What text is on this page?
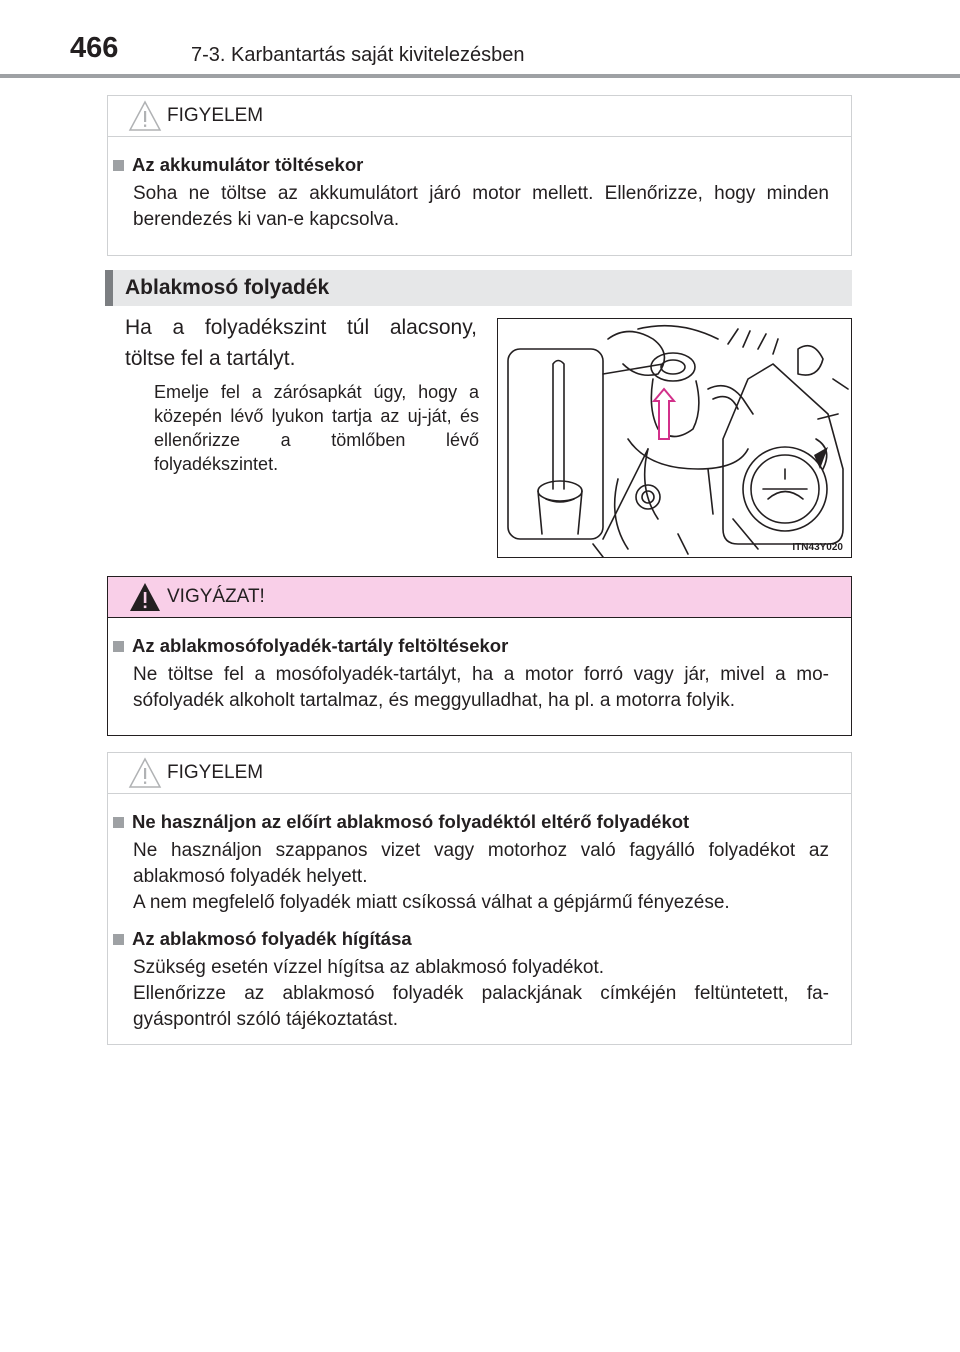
466	7-3. Karbantartás saját kivitelezésben
FIGYELEM
Az akkumulátor töltésekor
Soha ne töltse az akkumulátort járó motor mellett. Ellenőrizze, hogy minden berendezés ki van-e kapcsolva.
Ablakmosó folyadék
Ha a folyadékszint túl alacsony,
töltse fel a tartályt.
Emelje fel a zárósapkát úgy, hogy a közepén lévő lyukon tartja az uj-ját, és ellenőrizze a tömlőben lévő folyadékszintet.
ITN43Y020
VIGYÁZAT!
Az ablakmosófolyadék-tartály feltöltésekor
Ne töltse fel a mosófolyadék-tartályt, ha a motor forró vagy jár, mivel a mo-sófolyadék alkoholt tartalmaz, és meggyulladhat, ha pl. a motorra folyik.
FIGYELEM
Ne használjon az előírt ablakmosó folyadéktól eltérő folyadékot

Ne használjon szappanos vizet vagy motorhoz való fagyálló folyadékot az ablakmosó folyadék helyett.

A nem megfelelő folyadék miatt csíkossá válhat a gépjármű fényezése.

Az ablakmosó folyadék hígítása

Szükség esetén vízzel hígítsa az ablakmosó folyadékot.

Ellenőrizze az ablakmosó folyadék palackjának címkéjén feltüntetett, fa-gyáspontról szóló tájékoztatást.
